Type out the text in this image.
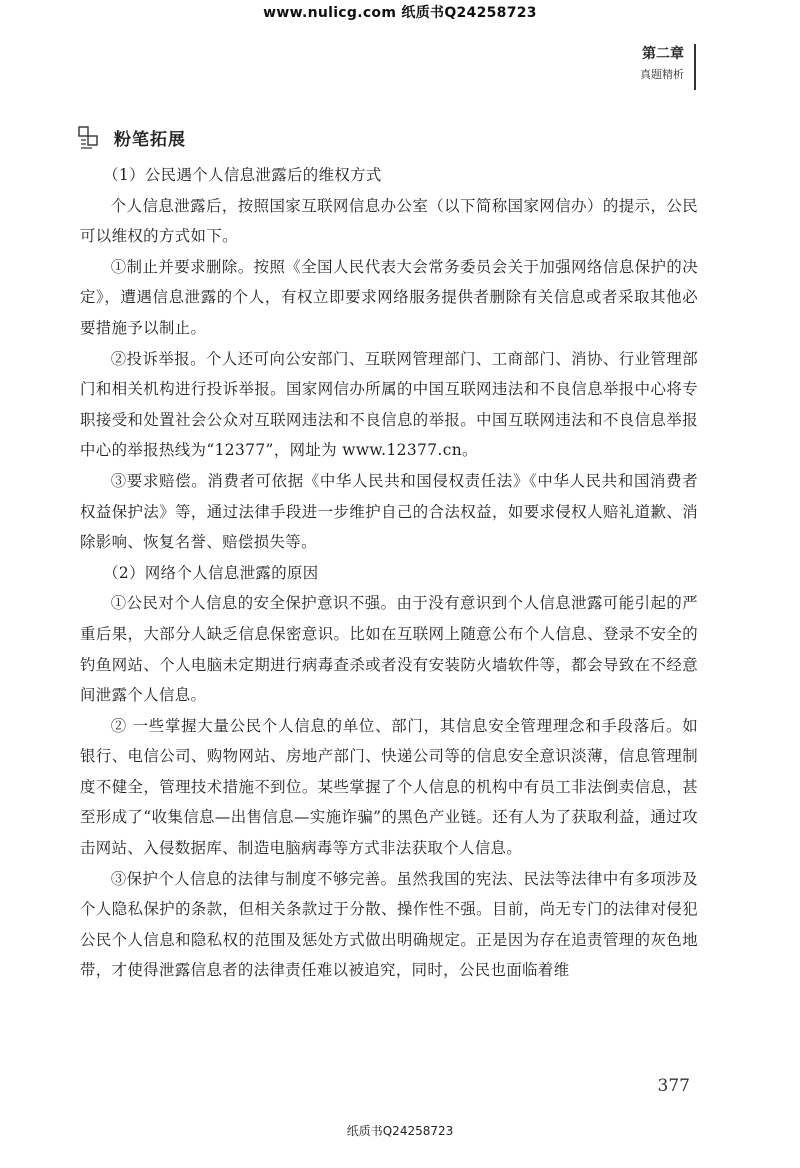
www.nulicg.com 纸质书Q24258723
第二章
真题精析
粉笔拓展

（1）公民遇个人信息泄露后的维权方式

个人信息泄露后，按照国家互联网信息办公室（以下简称国家网信办）的提示，公民可以维权的方式如下。

①制止并要求删除。按照《全国人民代表大会常务委员会关于加强网络信息保护的决定》，遭遇信息泄露的个人，有权立即要求网络服务提供者删除有关信息或者采取其他必要措施予以制止。

②投诉举报。个人还可向公安部门、互联网管理部门、工商部门、消协、行业管理部门和相关机构进行投诉举报。国家网信办所属的中国互联网违法和不良信息举报中心将专职接受和处置社会公众对互联网违法和不良信息的举报。中国互联网违法和不良信息举报中心的举报热线为“12377”，网址为 www.12377.cn。

③要求赔偿。消费者可依据《中华人民共和国侵权责任法》《中华人民共和国消费者权益保护法》等，通过法律手段进一步维护自己的合法权益，如要求侵权人赔礼道歉、消除影响、恢复名誉、赔偿损失等。

（2）网络个人信息泄露的原因

①公民对个人信息的安全保护意识不强。由于没有意识到个人信息泄露可能引起的严重后果，大部分人缺乏信息保密意识。比如在互联网上随意公布个人信息、登录不安全的钓鱼网站、个人电脑未定期进行病毒查杀或者没有安装防火墙软件等，都会导致在不经意间泄露个人信息。

② 一些掌握大量公民个人信息的单位、部门，其信息安全管理理念和手段落后。如银行、电信公司、购物网站、房地产部门、快递公司等的信息安全意识淡薄，信息管理制度不健全，管理技术措施不到位。某些掌握了个人信息的机构中有员工非法倒卖信息，甚至形成了“收集信息—出售信息—实施诈骗”的黑色产业链。还有人为了获取利益，通过攻击网站、入侵数据库、制造电脑病毒等方式非法获取个人信息。

③保护个人信息的法律与制度不够完善。虽然我国的宪法、民法等法律中有多项涉及个人隐私保护的条款，但相关条款过于分散、操作性不强。目前，尚无专门的法律对侵犯公民个人信息和隐私权的范围及惩处方式做出明确规定。正是因为存在追责管理的灰色地带，才使得泄露信息者的法律责任难以被追究，同时，公民也面临着维

377
纸质书Q24258723
